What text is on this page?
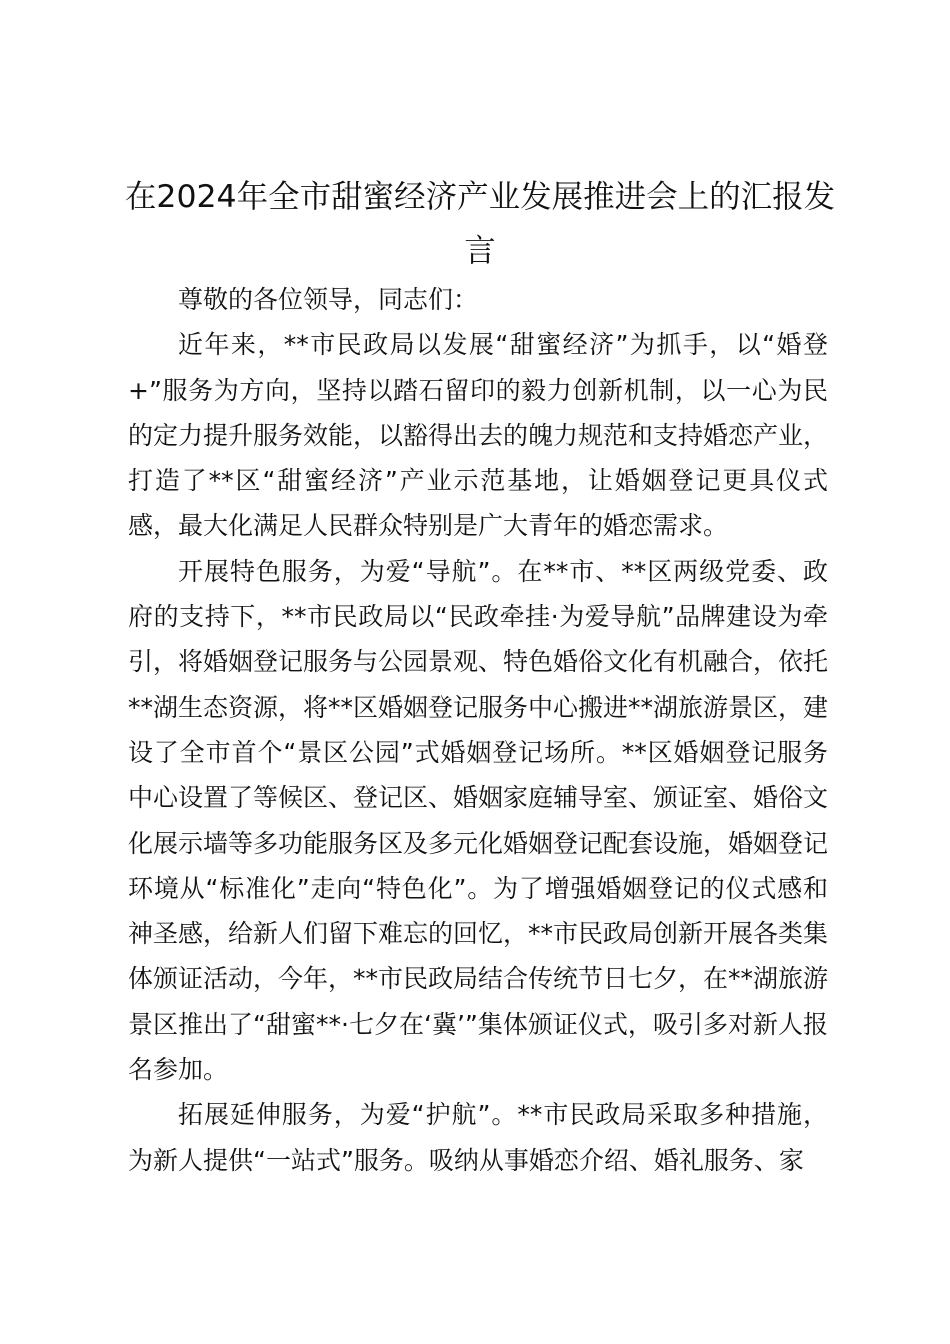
在2024年全市甜蜜经济产业发展推进会上的汇报发言

尊敬的各位领导，同志们：

近年来，**市民政局以发展“甜蜜经济”为抓手，以“婚登+”服务为方向，坚持以踏石留印的毅力创新机制，以一心为民的定力提升服务效能，以豁得出去的魄力规范和支持婚恋产业，打造了**区“甜蜜经济”产业示范基地，让婚姻登记更具仪式感，最大化满足人民群众特别是广大青年的婚恋需求。

开展特色服务，为爱“导航”。在**市、**区两级党委、政府的支持下，**市民政局以“民政牵挂·为爱导航”品牌建设为牵引，将婚姻登记服务与公园景观、特色婚俗文化有机融合，依托**湖生态资源，将**区婚姻登记服务中心搬进**湖旅游景区，建设了全市首个“景区公园”式婚姻登记场所。**区婚姻登记服务中心设置了等候区、登记区、婚姻家庭辅导室、颁证室、婚俗文化展示墙等多功能服务区及多元化婚姻登记配套设施，婚姻登记环境从“标准化”走向“特色化”。为了增强婚姻登记的仪式感和神圣感，给新人们留下难忘的回忆，**市民政局创新开展各类集体颁证活动，今年，**市民政局结合传统节日七夕，在**湖旅游景区推出了“甜蜜**·七夕在‘冀’”集体颁证仪式，吸引多对新人报名参加。

拓展延伸服务，为爱“护航”。**市民政局采取多种措施，为新人提供“一站式”服务。吸纳从事婚恋介绍、婚礼服务、家
